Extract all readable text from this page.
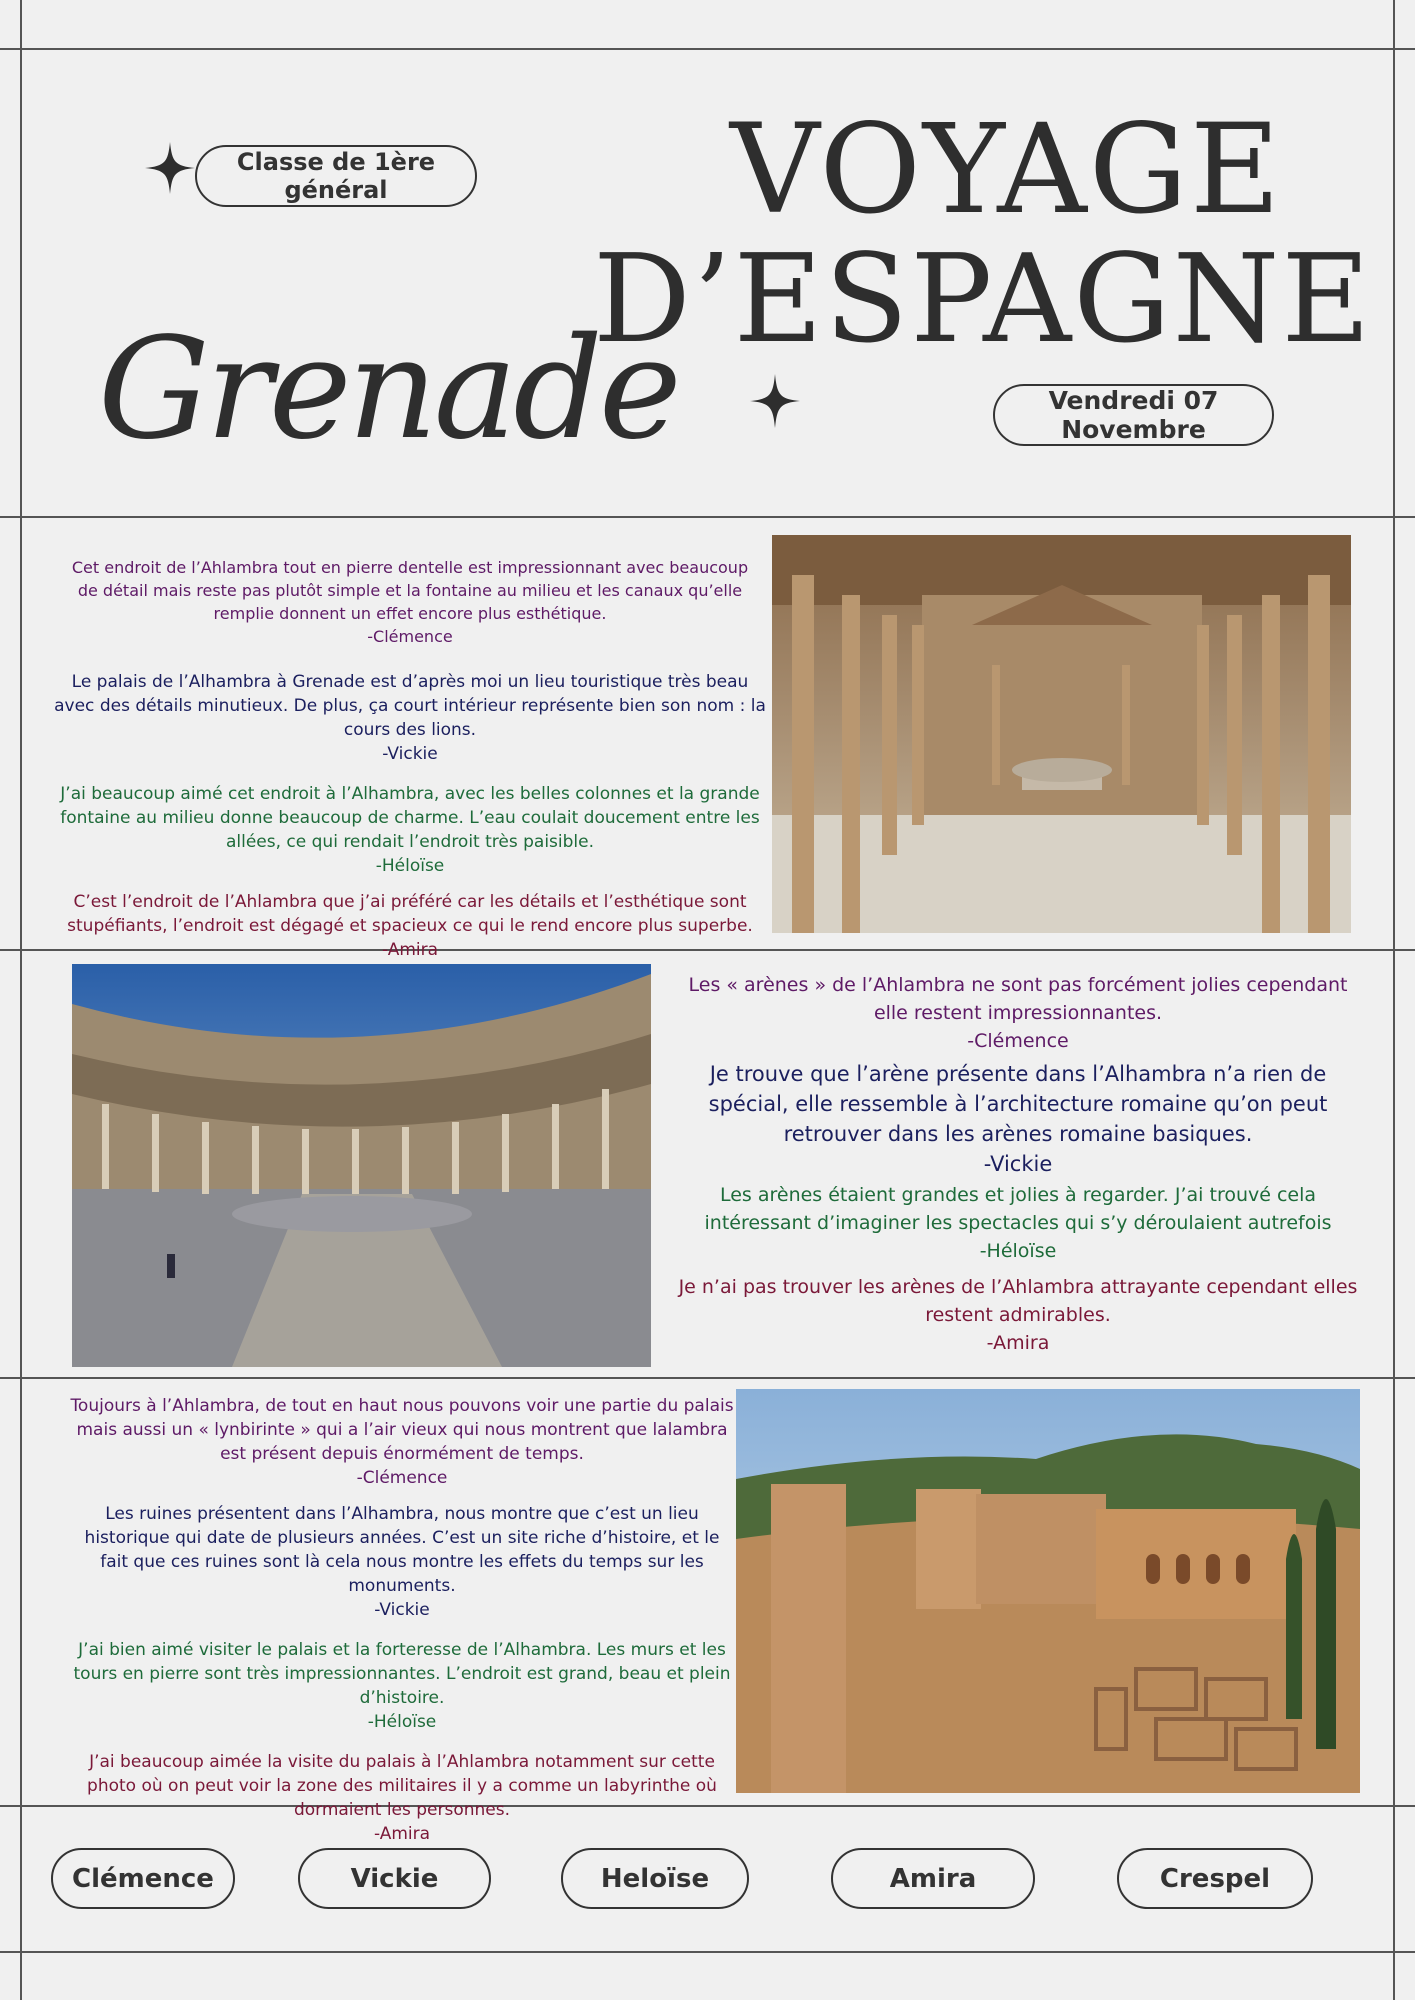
Classe de 1ère
général	VOYAGE
D’ESPAGNE
Grenade	Vendredi 07
Novembre

Cet endroit de l’Ahlambra tout en pierre dentelle est impressionnant avec beaucoup de détail mais reste pas plutôt simple et la fontaine au milieu et les canaux qu’elle remplie donnent un effet encore plus esthétique.

-Clémence

Le palais de l’Alhambra à Grenade est d’après moi un lieu touristique très beau avec des détails minutieux. De plus, ça court intérieur représente bien son nom : la cours des lions.

-Vickie

J’ai beaucoup aimé cet endroit à l’Alhambra, avec les belles colonnes et la grande fontaine au milieu donne beaucoup de charme. L’eau coulait doucement entre les allées, ce qui rendait l’endroit très paisible.

-Héloïse

C’est l’endroit de l’Ahlambra que j’ai préféré car les détails et l’esthétique sont stupéfiants, l’endroit est dégagé et spacieux ce qui le rend encore plus superbe.

-Amira

Les « arènes » de l’Ahlambra ne sont pas forcément jolies cependant elle restent impressionnantes.

-Clémence

Je trouve que l’arène présente dans l’Alhambra n’a rien de spécial, elle ressemble à l’architecture romaine qu’on peut retrouver dans les arènes romaine basiques.

-Vickie

Les arènes étaient grandes et jolies à regarder. J’ai trouvé cela intéressant d’imaginer les spectacles qui s’y déroulaient autrefois

-Héloïse

Je n’ai pas trouver les arènes de l’Ahlambra attrayante cependant elles restent admirables.

-Amira

Toujours à l’Ahlambra, de tout en haut nous pouvons voir une partie du palais mais aussi un « lynbirinte » qui a l’air vieux qui nous montrent que lalambra est présent depuis énormément de temps.

-Clémence

Les ruines présentent dans l’Alhambra, nous montre que c’est un lieu historique qui date de plusieurs années. C’est un site riche d’histoire, et le fait que ces ruines sont là cela nous montre les effets du temps sur les monuments.

-Vickie

J’ai bien aimé visiter le palais et la forteresse de l’Alhambra. Les murs et les tours en pierre sont très impressionnantes. L’endroit est grand, beau et plein d’histoire.

-Héloïse

J’ai beaucoup aimée la visite du palais à l’Ahlambra notamment sur cette photo où on peut voir la zone des militaires il y a comme un labyrinthe où dormaient les personnes.

-Amira

Clémence	Vickie	Heloïse	Amira	Crespel
